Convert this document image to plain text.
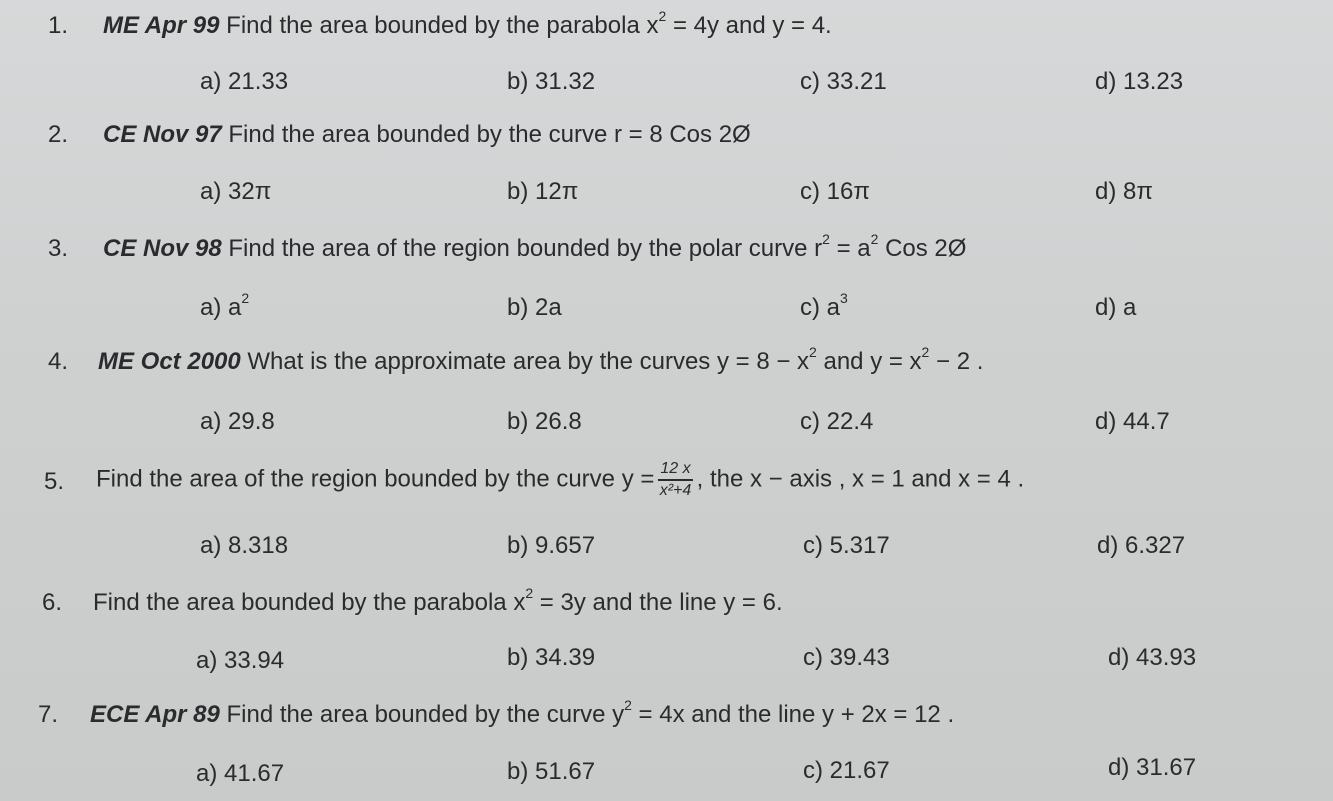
1. ME Apr 99 Find the area bounded by the parabola $x^2 = 4y$ and y = 4.
a) 21.33	b) 31.32	c) 33.21	d) 13.23
2. CE Nov 97 Find the area bounded by the curve r = 8 Cos 2Ø
a) 32π	b) 12π	c) 16π	d) 8π
3. CE Nov 98 Find the area of the region bounded by the polar curve $r^2 = a^2$ Cos 2Ø
a) $a^2$	b) 2a	c) $a^3$	d) a
4. ME Oct 2000 What is the approximate area by the curves $y = 8 - x^2$ and $y = x^2 - 2$ .
a) 29.8	b) 26.8	c) 22.4	d) 44.7
5. Find the area of the region bounded by the curve $y = \frac{12 x}{\text{x²+4}}$ , the x − axis , x = 1 and x = 4 .
a) 8.318	b) 9.657	c) 5.317	d) 6.327
6. Find the area bounded by the parabola $x^2 = 3y$ and the line y = 6.
a) 33.94	b) 34.39	c) 39.43	d) 43.93
7. ECE Apr 89 Find the area bounded by the curve $y^2 = 4x$ and the line y + 2x = 12 .
a) 41.67	b) 51.67	c) 21.67	d) 31.67
